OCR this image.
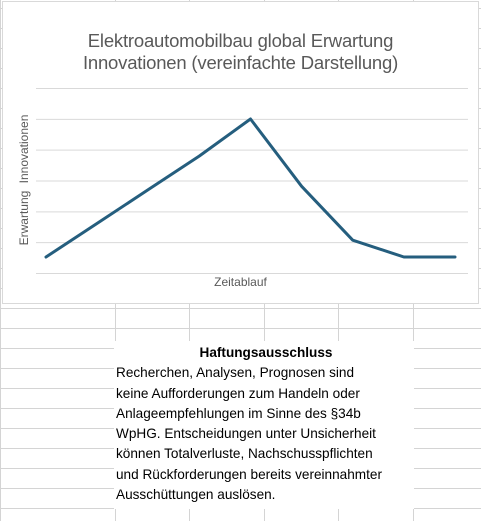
Elektroautomobilbau global Erwartung
Innovationen (vereinfachte Darstellung)
Erwartung Innovationen
Zeitablauf
Haftungsausschluss
Recherchen, Analysen, Prognosen sind
keine Aufforderungen zum Handeln oder
Anlageempfehlungen im Sinne des §34b
WpHG. Entscheidungen unter Unsicherheit
können Totalverluste, Nachschusspflichten
und Rückforderungen bereits vereinnahmter
Ausschüttungen auslösen.
